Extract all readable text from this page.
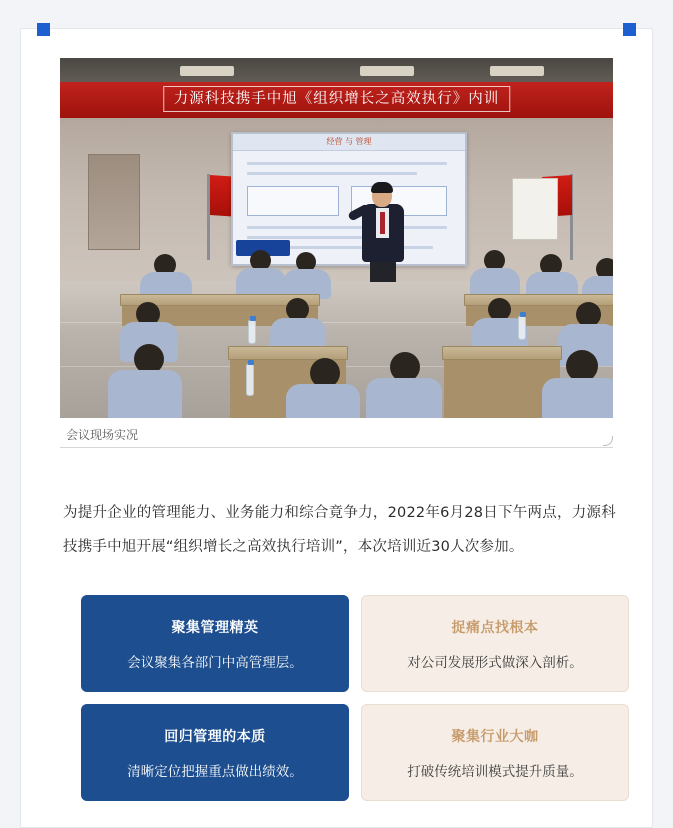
力源科技携手中旭《组织增长之高效执行》内训
经营 与 管理
会议现场实况

为提升企业的管理能力、业务能力和综合竟争力，2022年6月28日下午两点，力源科技携手中旭开展“组织增长之高效执行培训”，本次培训近30人次参加。

聚集管理精英
会议聚集各部门中高管理层。
捉痛点找根本
对公司发展形式做深入剖析。
回归管理的本质
清晰定位把握重点做出绩效。
聚集行业大咖
打破传统培训模式提升质量。
